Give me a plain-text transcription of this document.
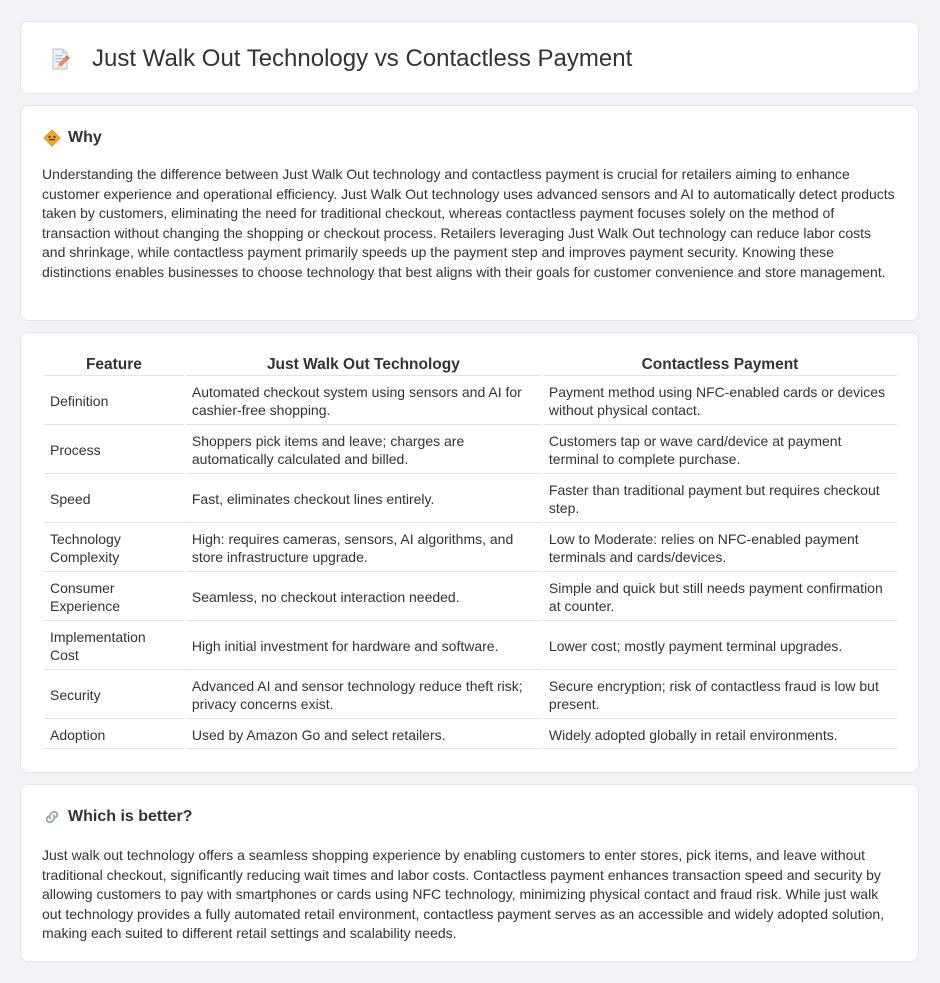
Just Walk Out Technology vs Contactless Payment
Why

Understanding the difference between Just Walk Out technology and contactless payment is crucial for retailers aiming to enhance customer experience and operational efficiency. Just Walk Out technology uses advanced sensors and AI to automatically detect products taken by customers, eliminating the need for traditional checkout, whereas contactless payment focuses solely on the method of transaction without changing the shopping or checkout process. Retailers leveraging Just Walk Out technology can reduce labor costs and shrinkage, while contactless payment primarily speeds up the payment step and improves payment security. Knowing these distinctions enables businesses to choose technology that best aligns with their goals for customer convenience and store management.

Feature	Just Walk Out Technology	Contactless Payment
Definition	Automated checkout system using sensors and AI for cashier-free shopping.	Payment method using NFC-enabled cards or devices without physical contact.
Process	Shoppers pick items and leave; charges are automatically calculated and billed.	Customers tap or wave card/device at payment terminal to complete purchase.
Speed	Fast, eliminates checkout lines entirely.	Faster than traditional payment but requires checkout step.
Technology Complexity	High: requires cameras, sensors, AI algorithms, and store infrastructure upgrade.	Low to Moderate: relies on NFC-enabled payment terminals and cards/devices.
Consumer Experience	Seamless, no checkout interaction needed.	Simple and quick but still needs payment confirmation at counter.
Implementation Cost	High initial investment for hardware and software.	Lower cost; mostly payment terminal upgrades.
Security	Advanced AI and sensor technology reduce theft risk; privacy concerns exist.	Secure encryption; risk of contactless fraud is low but present.
Adoption	Used by Amazon Go and select retailers.	Widely adopted globally in retail environments.
Which is better?

Just walk out technology offers a seamless shopping experience by enabling customers to enter stores, pick items, and leave without traditional checkout, significantly reducing wait times and labor costs. Contactless payment enhances transaction speed and security by allowing customers to pay with smartphones or cards using NFC technology, minimizing physical contact and fraud risk. While just walk out technology provides a fully automated retail environment, contactless payment serves as an accessible and widely adopted solution, making each suited to different retail settings and scalability needs.
